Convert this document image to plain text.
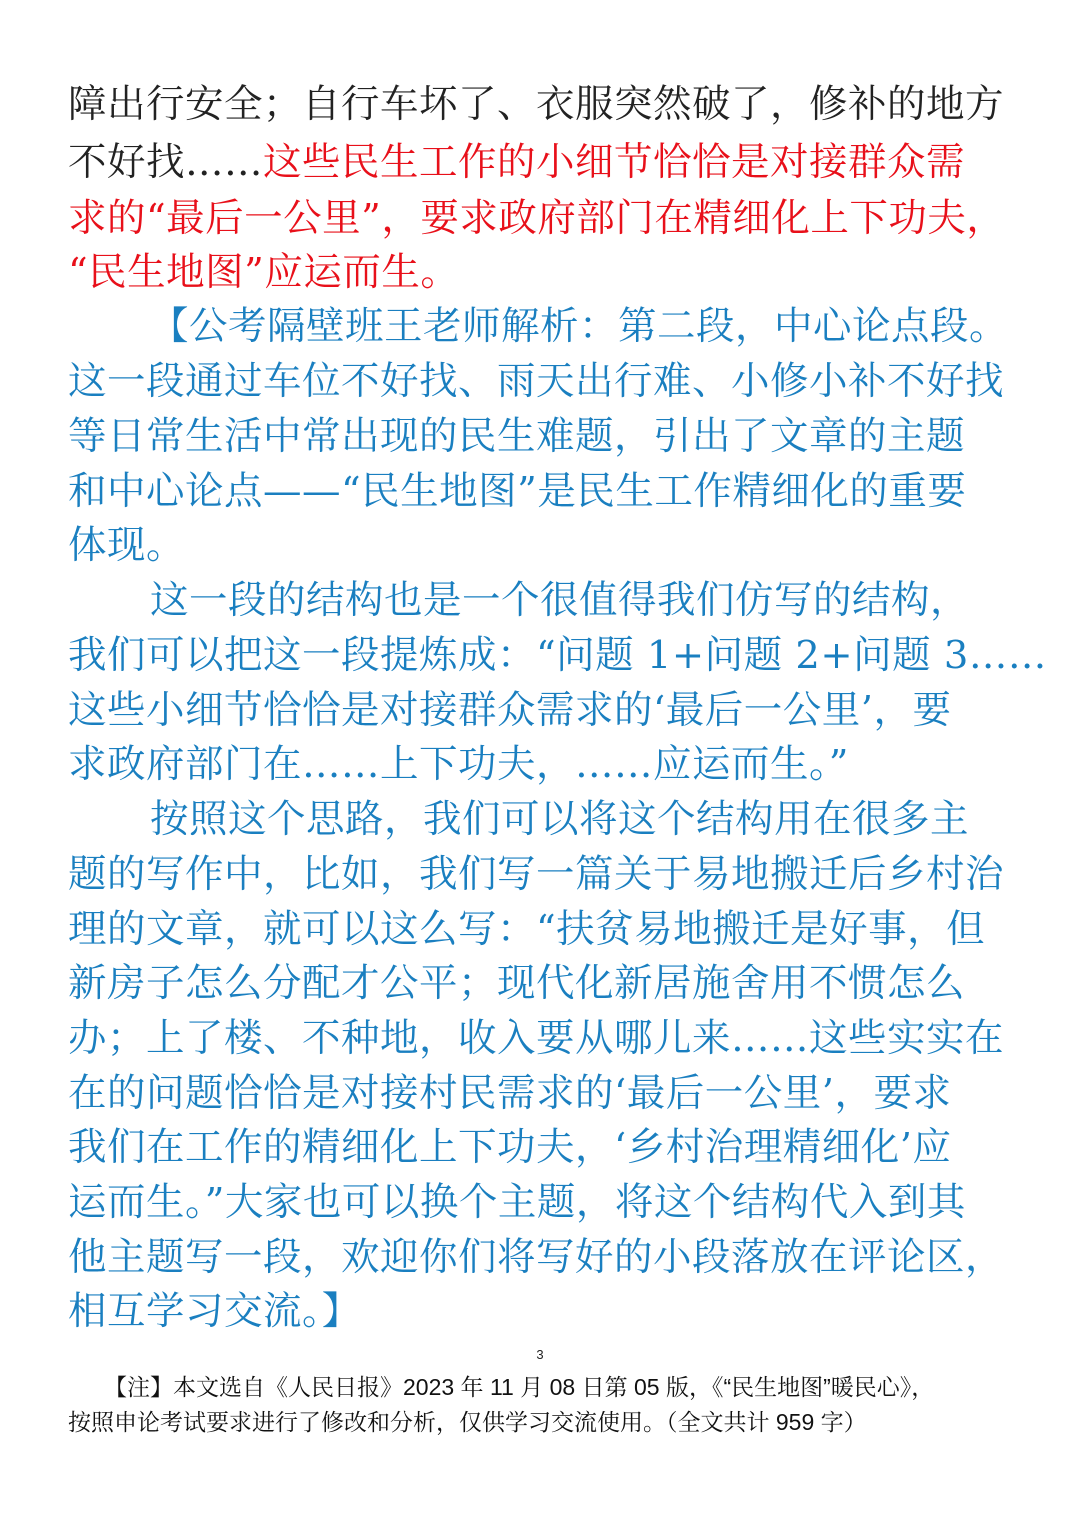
障出行安全；自行车坏了、衣服突然破了，修补的地方
不好找……这些民生工作的小细节恰恰是对接群众需
求的“最后一公里”，要求政府部门在精细化上下功夫，
“民生地图”应运而生。
【公考隔壁班王老师解析：第二段，中心论点段。
这一段通过车位不好找、雨天出行难、小修小补不好找
等日常生活中常出现的民生难题，引出了文章的主题
和中心论点——“民生地图”是民生工作精细化的重要
体现。
这一段的结构也是一个很值得我们仿写的结构，
我们可以把这一段提炼成：“问题 1+问题 2+问题 3……
这些小细节恰恰是对接群众需求的‘最后一公里’，要
求政府部门在……上下功夫，……应运而生。”
按照这个思路，我们可以将这个结构用在很多主
题的写作中，比如，我们写一篇关于易地搬迁后乡村治
理的文章，就可以这么写：“扶贫易地搬迁是好事，但
新房子怎么分配才公平；现代化新居施舍用不惯怎么
办；上了楼、不种地，收入要从哪儿来……这些实实在
在的问题恰恰是对接村民需求的‘最后一公里’，要求
我们在工作的精细化上下功夫，‘乡村治理精细化’应
运而生。”大家也可以换个主题，将这个结构代入到其
他主题写一段，欢迎你们将写好的小段落放在评论区，
相互学习交流。】
3
【注】本文选自《人民日报》2023 年 11 月 08 日第 05 版，《“民生地图”暖民心》，
按照申论考试要求进行了修改和分析，仅供学习交流使用。（全文共计 959 字）
